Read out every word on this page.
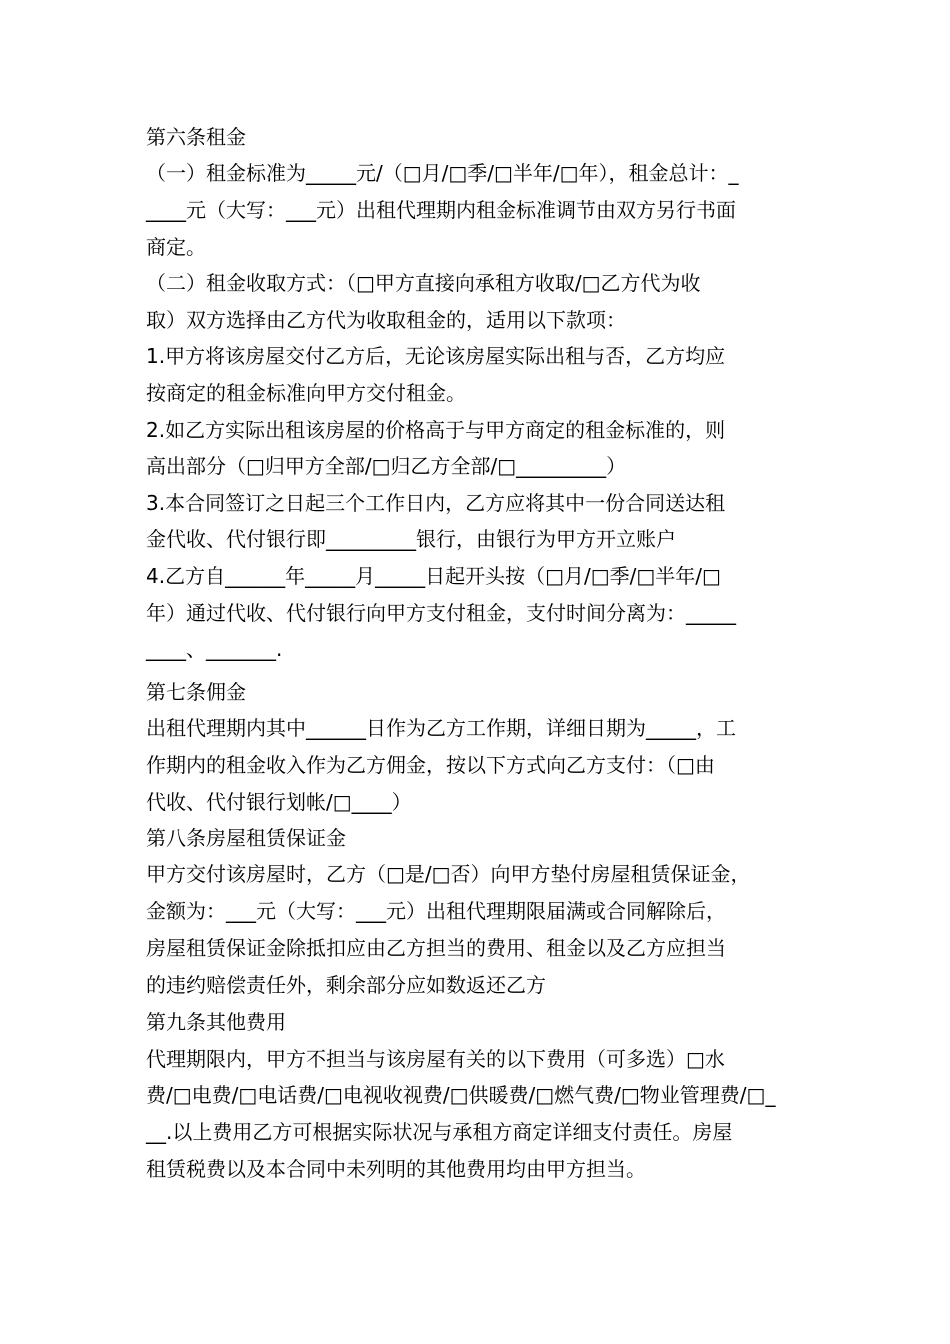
第六条租金
（一）租金标准为_____元/（□月/□季/□半年/□年），租金总计：_
____元（大写：___元）出租代理期内租金标准调节由双方另行书面
商定。
（二）租金收取方式：（□甲方直接向承租方收取/□乙方代为收
取）双方选择由乙方代为收取租金的，适用以下款项：
1.甲方将该房屋交付乙方后，无论该房屋实际出租与否，乙方均应
按商定的租金标准向甲方交付租金。
2.如乙方实际出租该房屋的价格高于与甲方商定的租金标准的，则
高出部分（□归甲方全部/□归乙方全部/□_________）
3.本合同签订之日起三个工作日内，乙方应将其中一份合同送达租
金代收、代付银行即_________银行，由银行为甲方开立账户
4.乙方自______年_____月_____日起开头按（□月/□季/□半年/□
年）通过代收、代付银行向甲方支付租金，支付时间分离为：_____
____、_______.
第七条佣金
出租代理期内其中______日作为乙方工作期，详细日期为_____，工
作期内的租金收入作为乙方佣金，按以下方式向乙方支付：（□由
代收、代付银行划帐/□____）
第八条房屋租赁保证金
甲方交付该房屋时，乙方（□是/□否）向甲方垫付房屋租赁保证金，
金额为：___元（大写：___元）出租代理期限届满或合同解除后，
房屋租赁保证金除抵扣应由乙方担当的费用、租金以及乙方应担当
的违约赔偿责任外，剩余部分应如数返还乙方
第九条其他费用
代理期限内，甲方不担当与该房屋有关的以下费用（可多选）□水
费/□电费/□电话费/□电视收视费/□供暖费/□燃气费/□物业管理费/□_
__.以上费用乙方可根据实际状况与承租方商定详细支付责任。房屋
租赁税费以及本合同中未列明的其他费用均由甲方担当。
